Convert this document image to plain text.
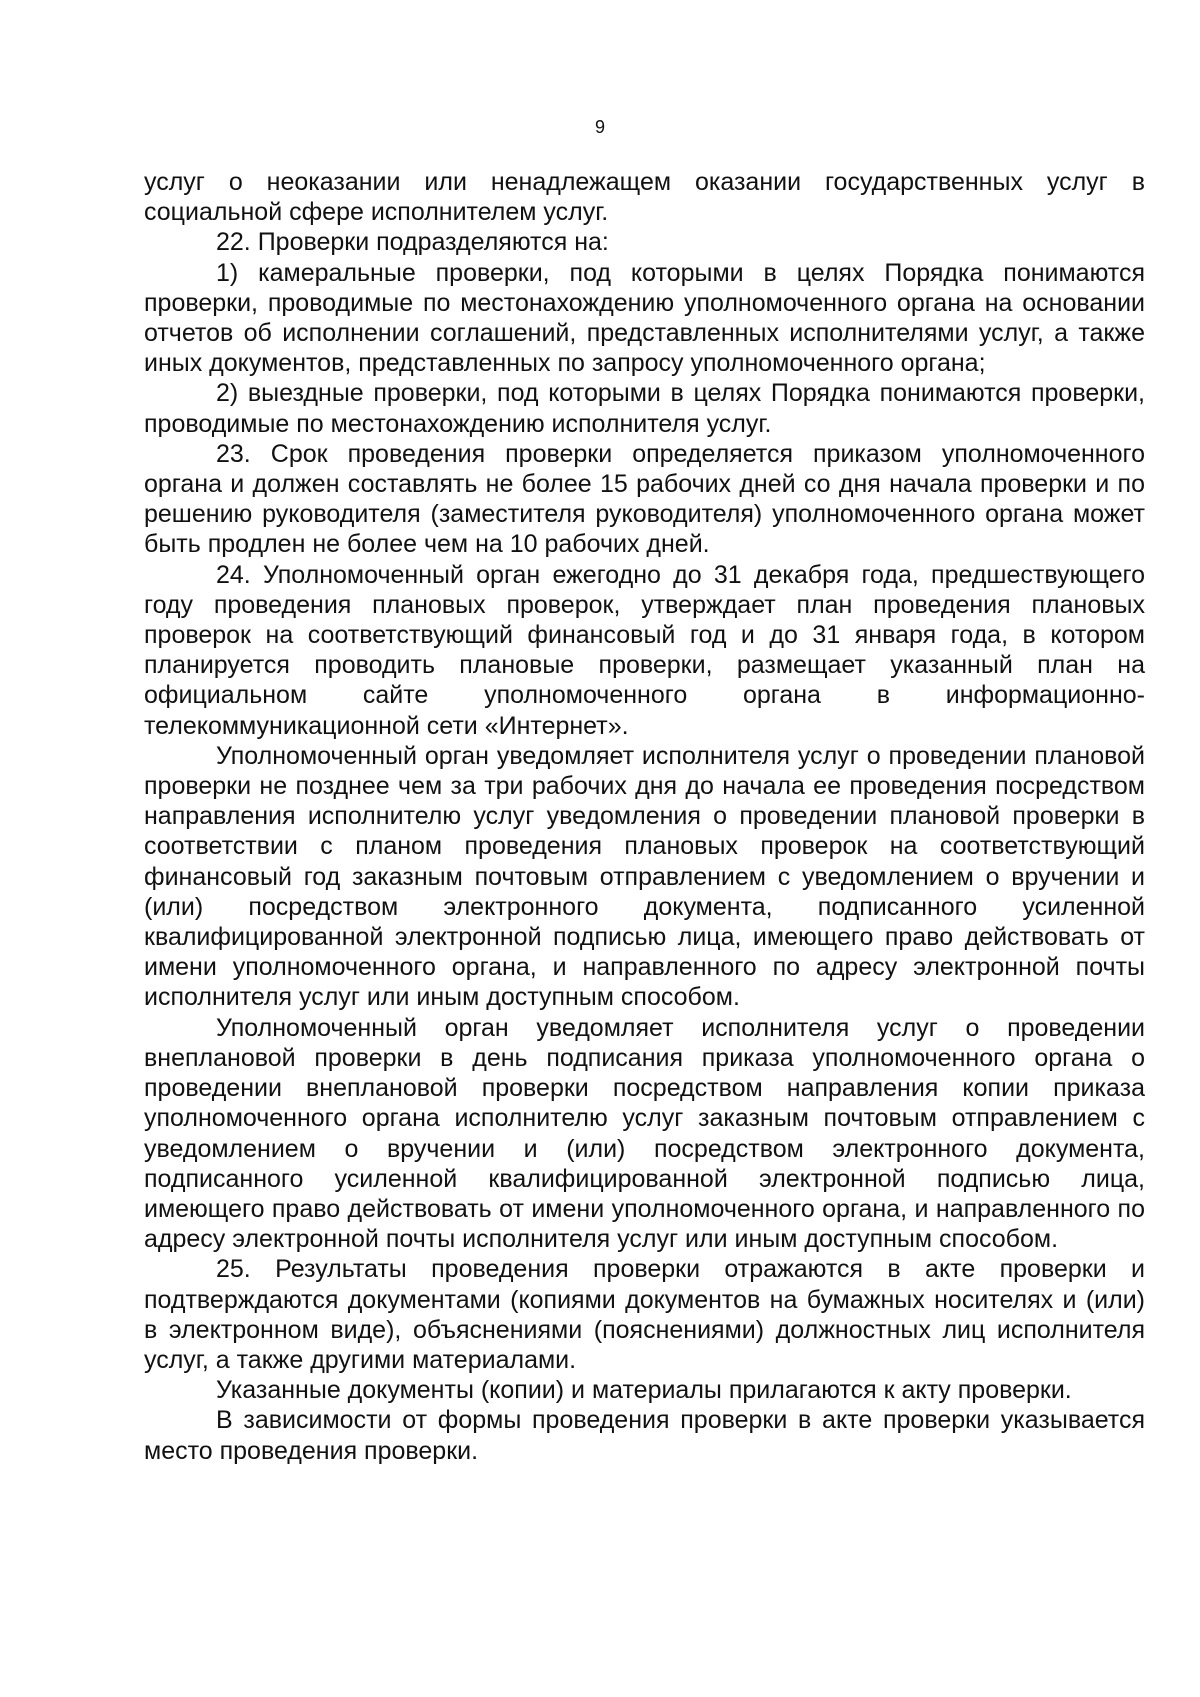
9

услуг о неоказании или ненадлежащем оказании государственных услуг в социальной сфере исполнителем услуг.

22. Проверки подразделяются на:

1) камеральные проверки, под которыми в целях Порядка понимаются проверки, проводимые по местонахождению уполномоченного органа на основании отчетов об исполнении соглашений, представленных исполнителями услуг, а также иных документов, представленных по запросу уполномоченного органа;

2) выездные проверки, под которыми в целях Порядка понимаются проверки, проводимые по местонахождению исполнителя услуг.

23. Срок проведения проверки определяется приказом уполномоченного органа и должен составлять не более 15 рабочих дней со дня начала проверки и по решению руководителя (заместителя руководителя) уполномоченного органа может быть продлен не более чем на 10 рабочих дней.

24. Уполномоченный орган ежегодно до 31 декабря года, предшествующего году проведения плановых проверок, утверждает план проведения плановых проверок на соответствующий финансовый год и до 31 января года, в котором планируется проводить плановые проверки, размещает указанный план на официальном сайте уполномоченного органа в информационно-телекоммуникационной сети «Интернет».

Уполномоченный орган уведомляет исполнителя услуг о проведении плановой проверки не позднее чем за три рабочих дня до начала ее проведения посредством направления исполнителю услуг уведомления о проведении плановой проверки в соответствии с планом проведения плановых проверок на соответствующий финансовый год заказным почтовым отправлением с уведомлением о вручении и (или) посредством электронного документа, подписанного усиленной квалифицированной электронной подписью лица, имеющего право действовать от имени уполномоченного органа, и направленного по адресу электронной почты исполнителя услуг или иным доступным способом.

Уполномоченный орган уведомляет исполнителя услуг о проведении внеплановой проверки в день подписания приказа уполномоченного органа о проведении внеплановой проверки посредством направления копии приказа уполномоченного органа исполнителю услуг заказным почтовым отправлением с уведомлением о вручении и (или) посредством электронного документа, подписанного усиленной квалифицированной электронной подписью лица, имеющего право действовать от имени уполномоченного органа, и направленного по адресу электронной почты исполнителя услуг или иным доступным способом.

25. Результаты проведения проверки отражаются в акте проверки и подтверждаются документами (копиями документов на бумажных носителях и (или) в электронном виде), объяснениями (пояснениями) должностных лиц исполнителя услуг, а также другими материалами.

Указанные документы (копии) и материалы прилагаются к акту проверки.

В зависимости от формы проведения проверки в акте проверки указывается место проведения проверки.
